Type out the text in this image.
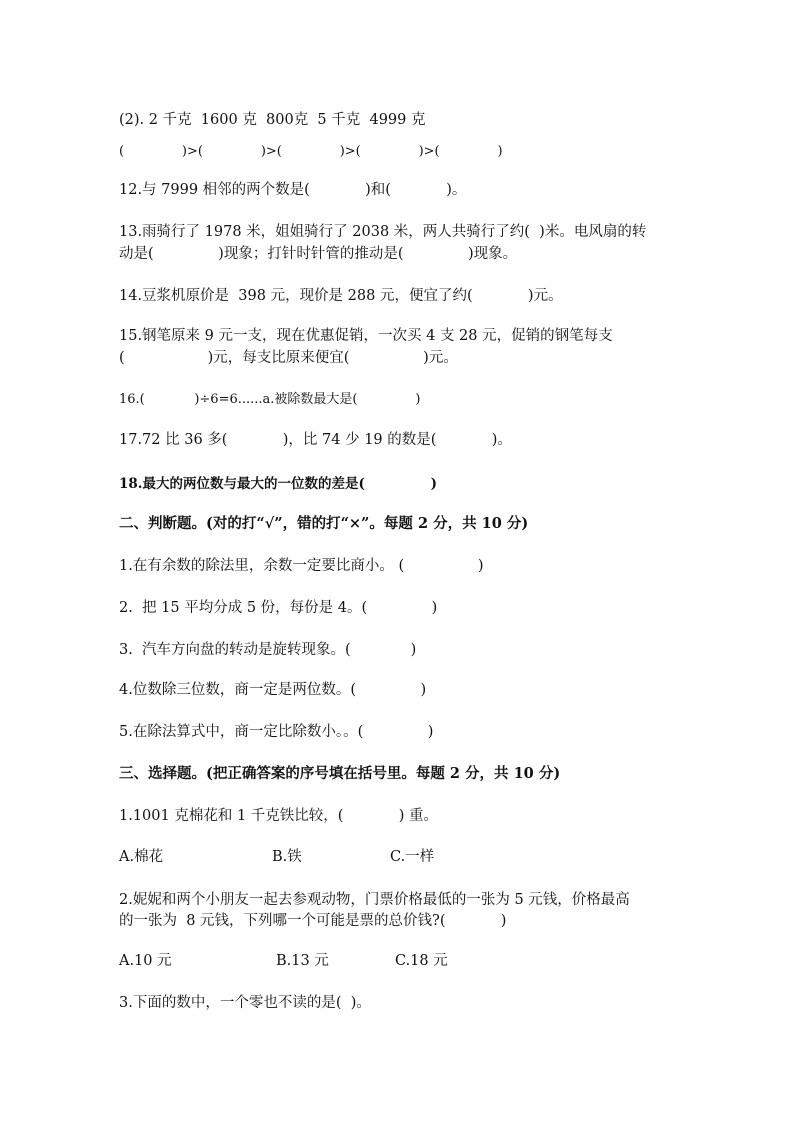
(2). 2 千克  1600 克  800克  5 千克  4999 克
(              )>(              )>(              )>(              )>(              )
12.与 7999 相邻的两个数是(            )和(            )。
13.雨骑行了 1978 米，姐姐骑行了 2038 米，两人共骑行了约(  )米。电风扇的转
动是(              )现象；打针时针管的推动是(              )现象。
14.豆浆机原价是  398 元，现价是 288 元，便宜了约(            )元。
15.钢笔原来 9 元一支，现在优惠促销，一次买 4 支 28 元，促销的钢笔每支
(                  )元，每支比原来便宜(                )元。
16.(            )÷6=6......a.被除数最大是(              )
17.72 比 36 多(            )，比 74 少 19 的数是(            )。
18.最大的两位数与最大的一位数的差是(              )
二、判断题。(对的打“√”，错的打“×”。每题 2 分，共 10 分)
1.在有余数的除法里，余数一定要比商小。 (                )
2.  把 15 平均分成 5 份，每份是 4。(              )
3.  汽车方向盘的转动是旋转现象。(             )
4.位数除三位数，商一定是两位数。(              )
5.在除法算式中，商一定比除数小。。(              )
三、选择题。(把正确答案的序号填在括号里。每题 2 分，共 10 分)
1.1001 克棉花和 1 千克铁比较，(            ) 重。
A.棉花	B.铁	C.一样
2.妮妮和两个小朋友一起去参观动物，门票价格最低的一张为 5 元钱，价格最高
的一张为  8 元钱，下列哪一个可能是票的总价钱?(            )
A.10 元	B.13 元	C.18 元
3.下面的数中，一个零也不读的是(  )。
